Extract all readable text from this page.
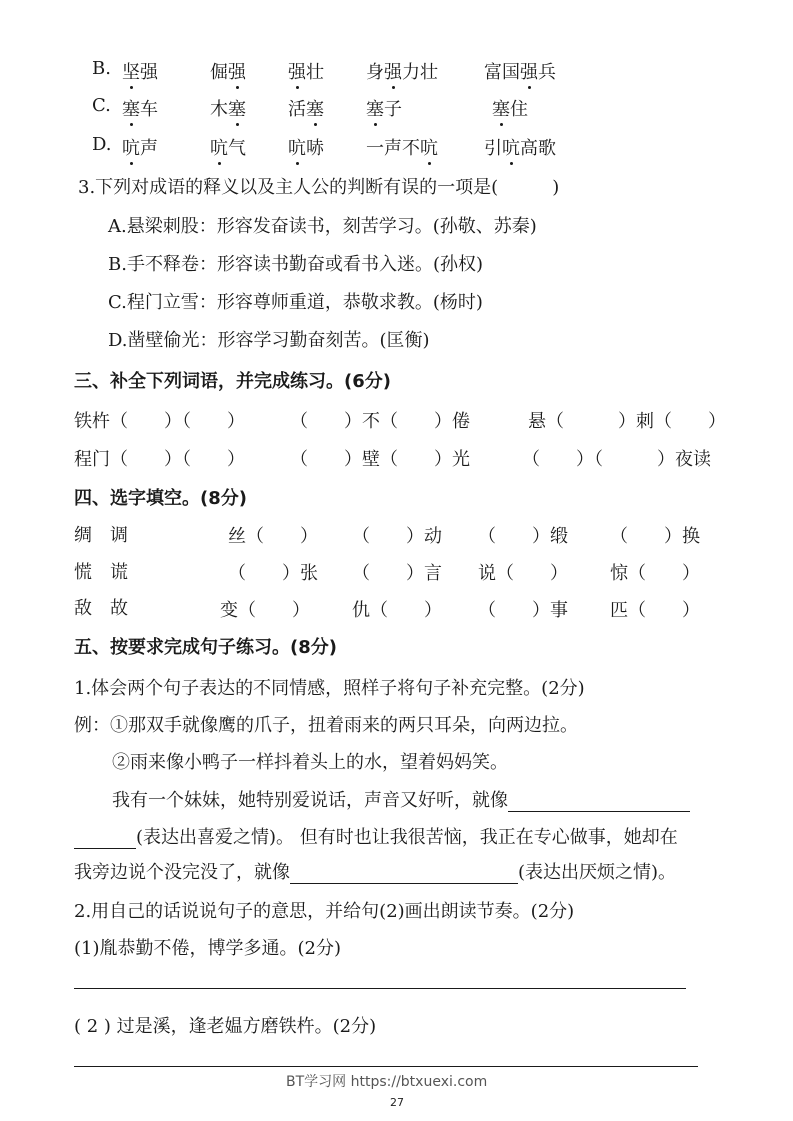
B. 坚强	倔强 强壮 身强力壮	富国强兵
C. 塞车	木塞 活塞 塞子	塞住
D. 吭声	吭气 吭哧 一声不吭	引吭高歌
3.下列对成语的释义以及主人公的判断有误的一项是(　　　)
A.悬梁刺股：形容发奋读书，刻苦学习。(孙敬、苏秦)
B.手不释卷：形容读书勤奋或看书入迷。(孙权)
C.程门立雪：形容尊师重道，恭敬求教。(杨时)
D.凿壁偷光：形容学习勤奋刻苦。(匡衡)
三、补全下列词语，并完成练习。(6分)
铁杵（　　）（　　）	（　　）不（　　）倦	悬（　　　）刺（　　）
程门（　　）（　　）	（　　）壁（　　）光	（　　）（　　　）夜读
四、选字填空。(8分)
绸　 调	丝（　　） （　　）动 （　　）缎 （　　）换
慌　 谎	（　　）张 （　　）言 说（　　） 惊（　　）
敌　 故	变（　　） 仇（　　） （　　）事 匹（　　）
五、按要求完成句子练习。(8分)
1.体会两个句子表达的不同情感，照样子将句子补充完整。(2分)
例：①那双手就像鹰的爪子，扭着雨来的两只耳朵，向两边拉。
②雨来像小鸭子一样抖着头上的水，望着妈妈笑。
我有一个妹妹，她特别爱说话，声音又好听，就像
(表达出喜爱之情)。 但有时也让我很苦恼，我正在专心做事，她却在
我旁边说个没完没了，就像	(表达出厌烦之情)。
2.用自己的话说说句子的意思，并给句(2)画出朗读节奏。(2分)
(1)胤恭勤不倦，博学多通。(2分)
( 2 ) 过是溪，逢老媪方磨铁杵。(2分)
BT学习网 https://btxuexi.com
27
